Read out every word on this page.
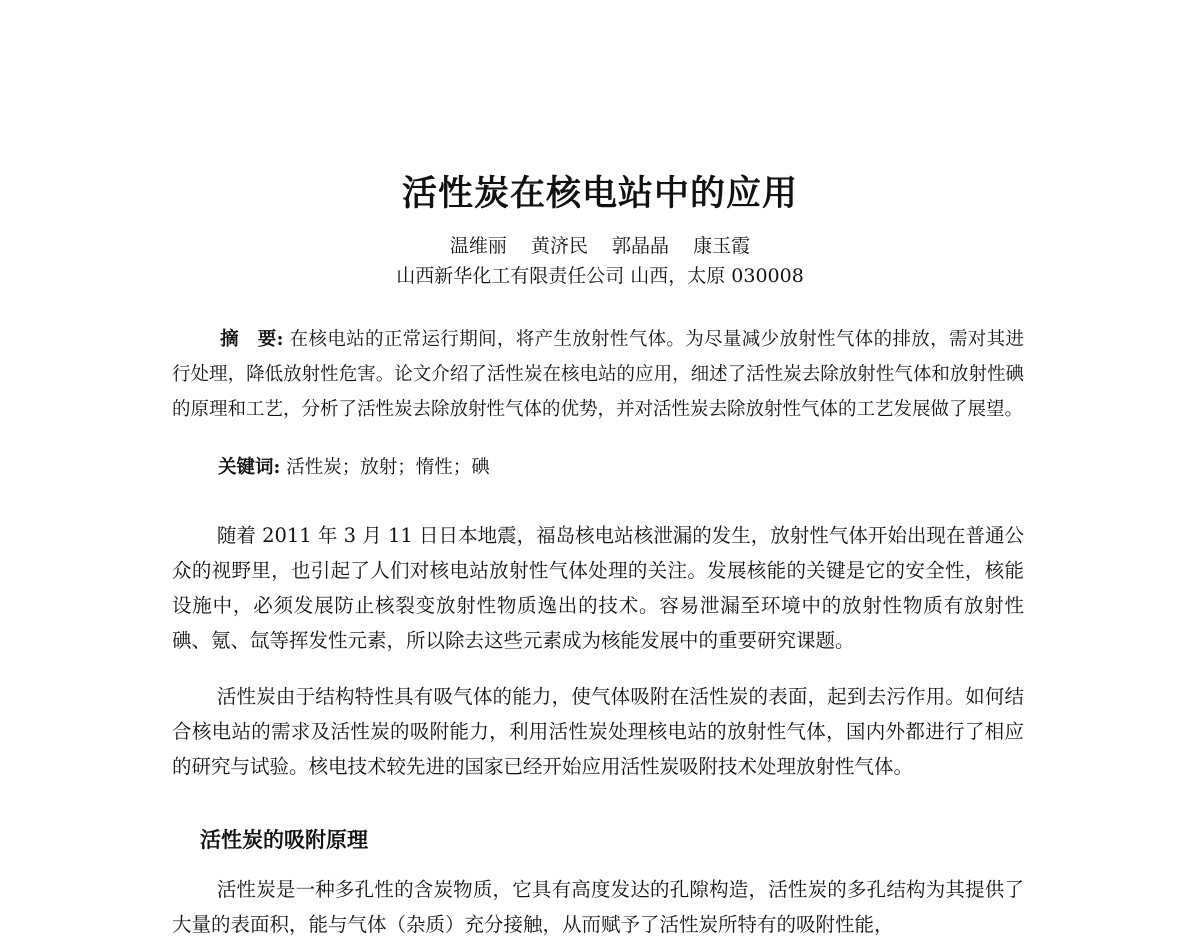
活性炭在核电站中的应用
温维丽 黄济民 郭晶晶 康玉霞
山西新华化工有限责任公司 山西，太原 030008

摘　要: 在核电站的正常运行期间，将产生放射性气体。为尽量减少放射性气体的排放，需对其进行处理，降低放射性危害。论文介绍了活性炭在核电站的应用，细述了活性炭去除放射性气体和放射性碘的原理和工艺，分析了活性炭去除放射性气体的优势，并对活性炭去除放射性气体的工艺发展做了展望。

关键词: 活性炭；放射；惰性；碘

随着 2011 年 3 月 11 日日本地震，福岛核电站核泄漏的发生，放射性气体开始出现在普通公众的视野里，也引起了人们对核电站放射性气体处理的关注。发展核能的关键是它的安全性，核能设施中，必须发展防止核裂变放射性物质逸出的技术。容易泄漏至环境中的放射性物质有放射性碘、氪、氙等挥发性元素，所以除去这些元素成为核能发展中的重要研究课题。

活性炭由于结构特性具有吸气体的能力，使气体吸附在活性炭的表面，起到去污作用。如何结合核电站的需求及活性炭的吸附能力，利用活性炭处理核电站的放射性气体，国内外都进行了相应的研究与试验。核电技术较先进的国家已经开始应用活性炭吸附技术处理放射性气体。

活性炭的吸附原理

活性炭是一种多孔性的含炭物质，它具有高度发达的孔隙构造，活性炭的多孔结构为其提供了大量的表面积，能与气体（杂质）充分接触，从而赋予了活性炭所特有的吸附性能，
